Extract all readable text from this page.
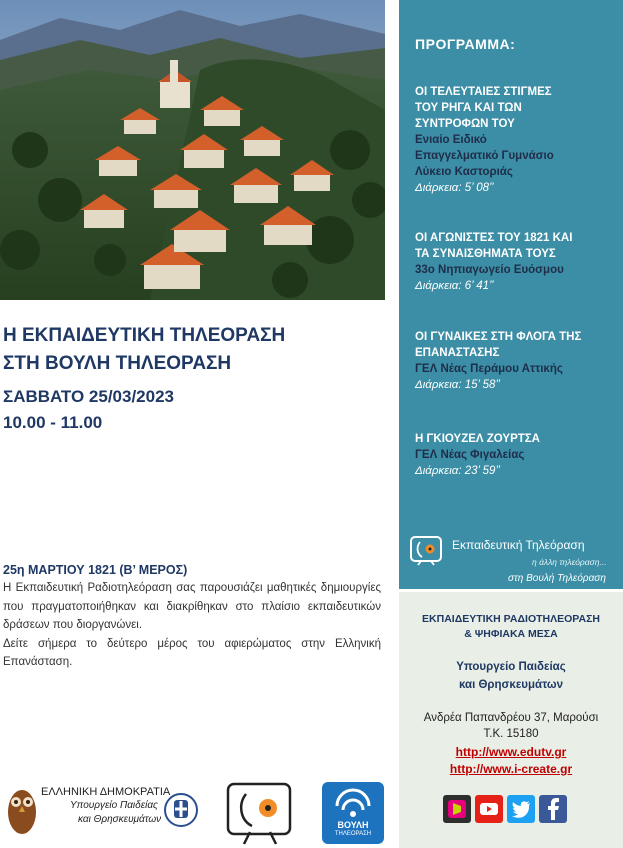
Η ΕΚΠΑΙΔΕΥΤΙΚΗ ΤΗΛΕΟΡΑΣΗ
ΣΤΗ ΒΟΥΛΗ ΤΗΛΕΟΡΑΣΗ
ΣΑΒΒΑΤΟ 25/03/2023
10.00 - 11.00
25η ΜΑΡΤΙΟΥ 1821 (Β’ ΜΕΡΟΣ)

Η Εκπαιδευτική Ραδιοτηλεόραση σας παρουσιάζει μαθητικές δημιουργίες που πραγματοποιήθηκαν και διακρίθηκαν στο πλαίσιο εκπαιδευτικών δράσεων που διοργανώνει.

Δείτε σήμερα το δεύτερο μέρος του αφιερώματος στην Ελληνική Επανάσταση.

ΕΛΛΗΝΙΚΗ ΔΗΜΟΚΡΑΤΙΑ
Υπουργείο Παιδείας
και Θρησκευμάτων	ΒΟΥΛΗ
ΤΗΛΕΟΡΑΣΗ
ΠΡΟΓΡΑΜΜΑ:
ΟΙ ΤΕΛΕΥΤΑΙΕΣ ΣΤΙΓΜΕΣ
ΤΟΥ ΡΗΓΑ ΚΑΙ ΤΩΝ
ΣΥΝΤΡΟΦΩΝ ΤΟΥ
Ενιαίο Ειδικό
Επαγγελματικό Γυμνάσιο
Λύκειο Καστοριάς
Διάρκεια: 5’ 08’’
ΟΙ ΑΓΩΝΙΣΤΕΣ ΤΟΥ 1821 ΚΑΙ
ΤΑ ΣΥΝΑΙΣΘΗΜΑΤΑ ΤΟΥΣ
33ο Νηπιαγωγείο Ευόσμου
Διάρκεια: 6’ 41’’
ΟΙ ΓΥΝΑΙΚΕΣ ΣΤΗ ΦΛΟΓΑ ΤΗΣ
ΕΠΑΝΑΣΤΑΣΗΣ
ΓΕΛ Νέας Περάμου Αττικής
Διάρκεια: 15’ 58’’
Η ΓΚΙΟΥΖΕΛ ΖΟΥΡΤΣΑ
ΓΕΛ Νέας Φιγαλείας
Διάρκεια: 23’ 59’’
Εκπαιδευτική Τηλεόραση
η άλλη τηλεόραση...
στη Βουλή Τηλεόραση
ΕΚΠΑΙΔΕΥΤΙΚΗ ΡΑΔΙΟΤΗΛΕΟΡΑΣΗ
& ΨΗΦΙΑΚΑ ΜΕΣΑ
Υπουργείο Παιδείας
και Θρησκευμάτων
Ανδρέα Παπανδρέου 37, Μαρούσι
Τ.Κ. 15180
http://www.edutv.gr
http://www.i-create.gr
